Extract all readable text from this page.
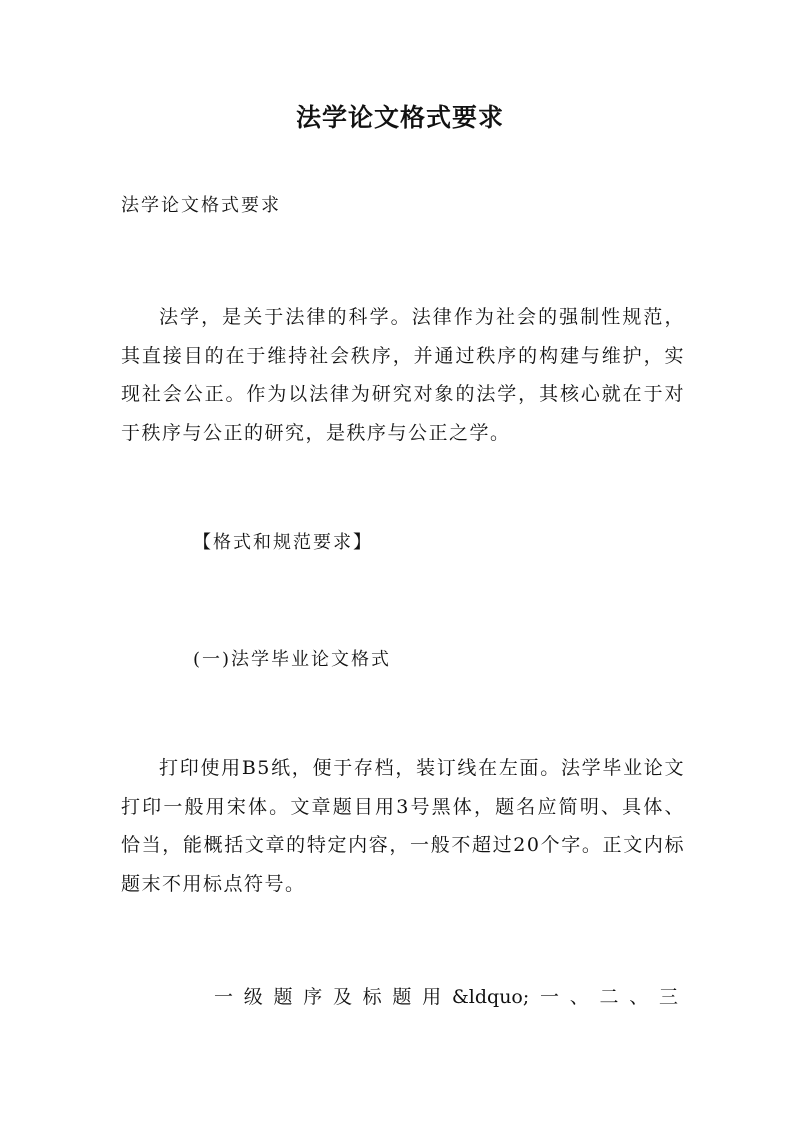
法学论文格式要求

法学论文格式要求

法学，是关于法律的科学。法律作为社会的强制性规范，其直接目的在于维持社会秩序，并通过秩序的构建与维护，实现社会公正。作为以法律为研究对象的法学，其核心就在于对于秩序与公正的研究，是秩序与公正之学。

【格式和规范要求】

(一)法学毕业论文格式

打印使用B5纸，便于存档，装订线在左面。法学毕业论文打印一般用宋体。文章题目用3号黑体，题名应简明、具体、恰当，能概括文章的特定内容，一般不超过20个字。正文内标题末不用标点符号。

一 级 题 序 及 标 题 用 &ldquo; 一 、 二 、 三
